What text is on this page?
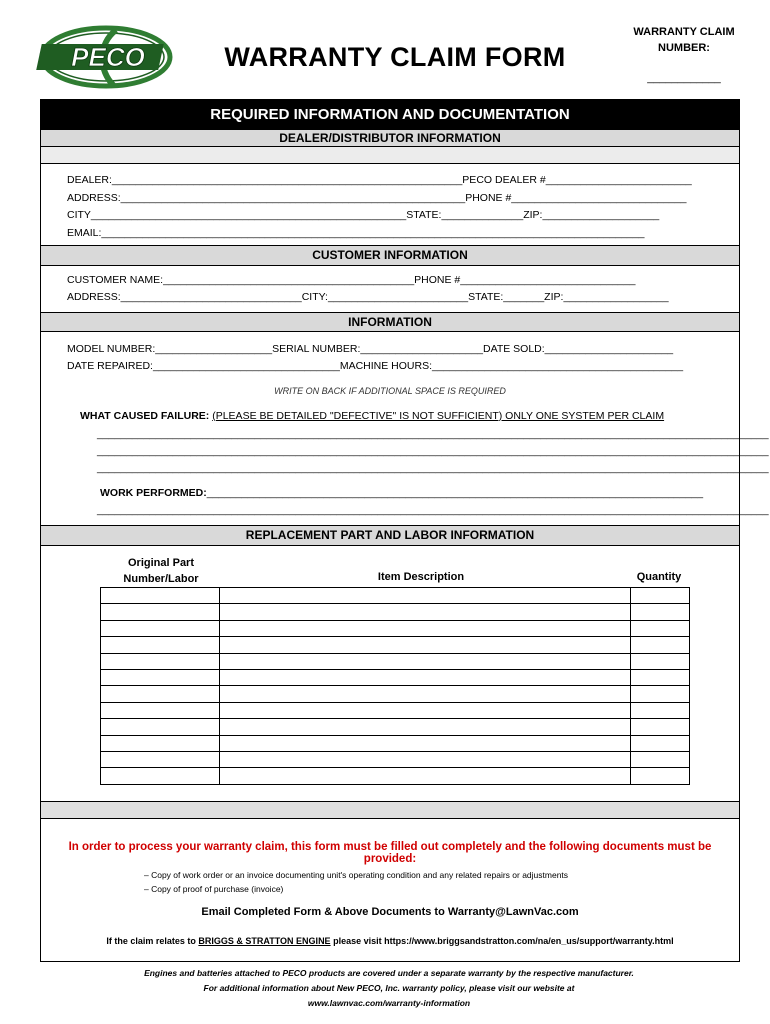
PECO	WARRANTY CLAIM FORM
WARRANTY CLAIM
NUMBER:
____________
REQUIRED INFORMATION AND DOCUMENTATION
DEALER/DISTRIBUTOR INFORMATION
DEALER:____________________________________________________________PECO DEALER #_________________________
ADDRESS:___________________________________________________________PHONE #______________________________
CITY______________________________________________________STATE:______________ZIP:____________________
EMAIL:_____________________________________________________________________________________________
CUSTOMER INFORMATION
CUSTOMER NAME:___________________________________________PHONE #______________________________
ADDRESS:_______________________________CITY:________________________STATE:_______ZIP:__________________
INFORMATION
MODEL NUMBER:____________________SERIAL NUMBER:_____________________DATE SOLD:______________________
DATE REPAIRED:________________________________MACHINE HOURS:___________________________________________
WRITE ON BACK IF ADDITIONAL SPACE IS REQUIRED
WHAT CAUSED FAILURE: (PLEASE BE DETAILED "DEFECTIVE" IS NOT SUFFICIENT) ONLY ONE SYSTEM PER CLAIM
___________________________________________________________________________________________________________________
___________________________________________________________________________________________________________________
___________________________________________________________________________________________________________________
WORK PERFORMED:_____________________________________________________________________________________
___________________________________________________________________________________________________________________
REPLACEMENT PART AND LABOR INFORMATION
Original Part
Number/Labor	Item Description	Quantity

In order to process your warranty claim, this form must be filled out completely and the following documents must be provided:
– Copy of work order or an invoice documenting unit's operating condition and any related repairs or adjustments
– Copy of proof of purchase (invoice)
Email Completed Form & Above Documents to Warranty@LawnVac.com
If the claim relates to BRIGGS & STRATTON ENGINE please visit https://www.briggsandstratton.com/na/en_us/support/warranty.html
Engines and batteries attached to PECO products are covered under a separate warranty by the respective manufacturer.
For additional information about New PECO, Inc. warranty policy, please visit our website at
www.lawnvac.com/warranty-information
